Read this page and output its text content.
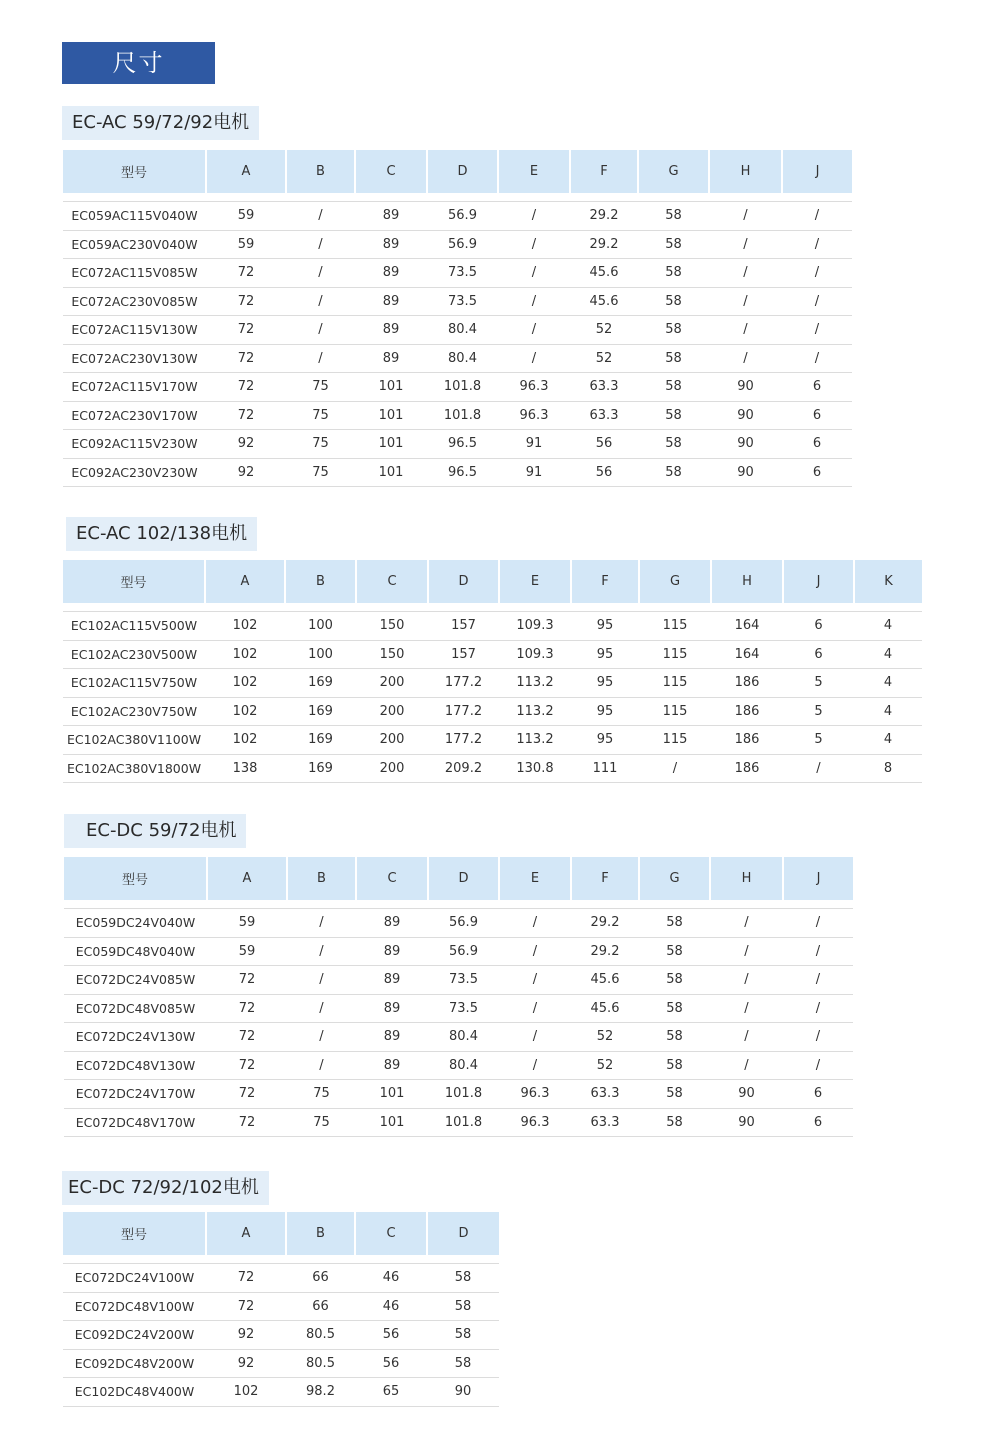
尺寸
EC-AC 59/72/92电机
型号	A	B	C	D	E	F	G	H	J

EC059AC115V040W	59	/	89	56.9	/	29.2	58	/	/
EC059AC230V040W	59	/	89	56.9	/	29.2	58	/	/
EC072AC115V085W	72	/	89	73.5	/	45.6	58	/	/
EC072AC230V085W	72	/	89	73.5	/	45.6	58	/	/
EC072AC115V130W	72	/	89	80.4	/	52	58	/	/
EC072AC230V130W	72	/	89	80.4	/	52	58	/	/
EC072AC115V170W	72	75	101	101.8	96.3	63.3	58	90	6
EC072AC230V170W	72	75	101	101.8	96.3	63.3	58	90	6
EC092AC115V230W	92	75	101	96.5	91	56	58	90	6
EC092AC230V230W	92	75	101	96.5	91	56	58	90	6
EC-AC 102/138电机
型号	A	B	C	D	E	F	G	H	J	K

EC102AC115V500W	102	100	150	157	109.3	95	115	164	6	4
EC102AC230V500W	102	100	150	157	109.3	95	115	164	6	4
EC102AC115V750W	102	169	200	177.2	113.2	95	115	186	5	4
EC102AC230V750W	102	169	200	177.2	113.2	95	115	186	5	4
EC102AC380V1100W	102	169	200	177.2	113.2	95	115	186	5	4
EC102AC380V1800W	138	169	200	209.2	130.8	111	/	186	/	8
EC-DC 59/72电机
型号	A	B	C	D	E	F	G	H	J

EC059DC24V040W	59	/	89	56.9	/	29.2	58	/	/
EC059DC48V040W	59	/	89	56.9	/	29.2	58	/	/
EC072DC24V085W	72	/	89	73.5	/	45.6	58	/	/
EC072DC48V085W	72	/	89	73.5	/	45.6	58	/	/
EC072DC24V130W	72	/	89	80.4	/	52	58	/	/
EC072DC48V130W	72	/	89	80.4	/	52	58	/	/
EC072DC24V170W	72	75	101	101.8	96.3	63.3	58	90	6
EC072DC48V170W	72	75	101	101.8	96.3	63.3	58	90	6
EC-DC 72/92/102电机
型号	A	B	C	D

EC072DC24V100W	72	66	46	58
EC072DC48V100W	72	66	46	58
EC092DC24V200W	92	80.5	56	58
EC092DC48V200W	92	80.5	56	58
EC102DC48V400W	102	98.2	65	90
